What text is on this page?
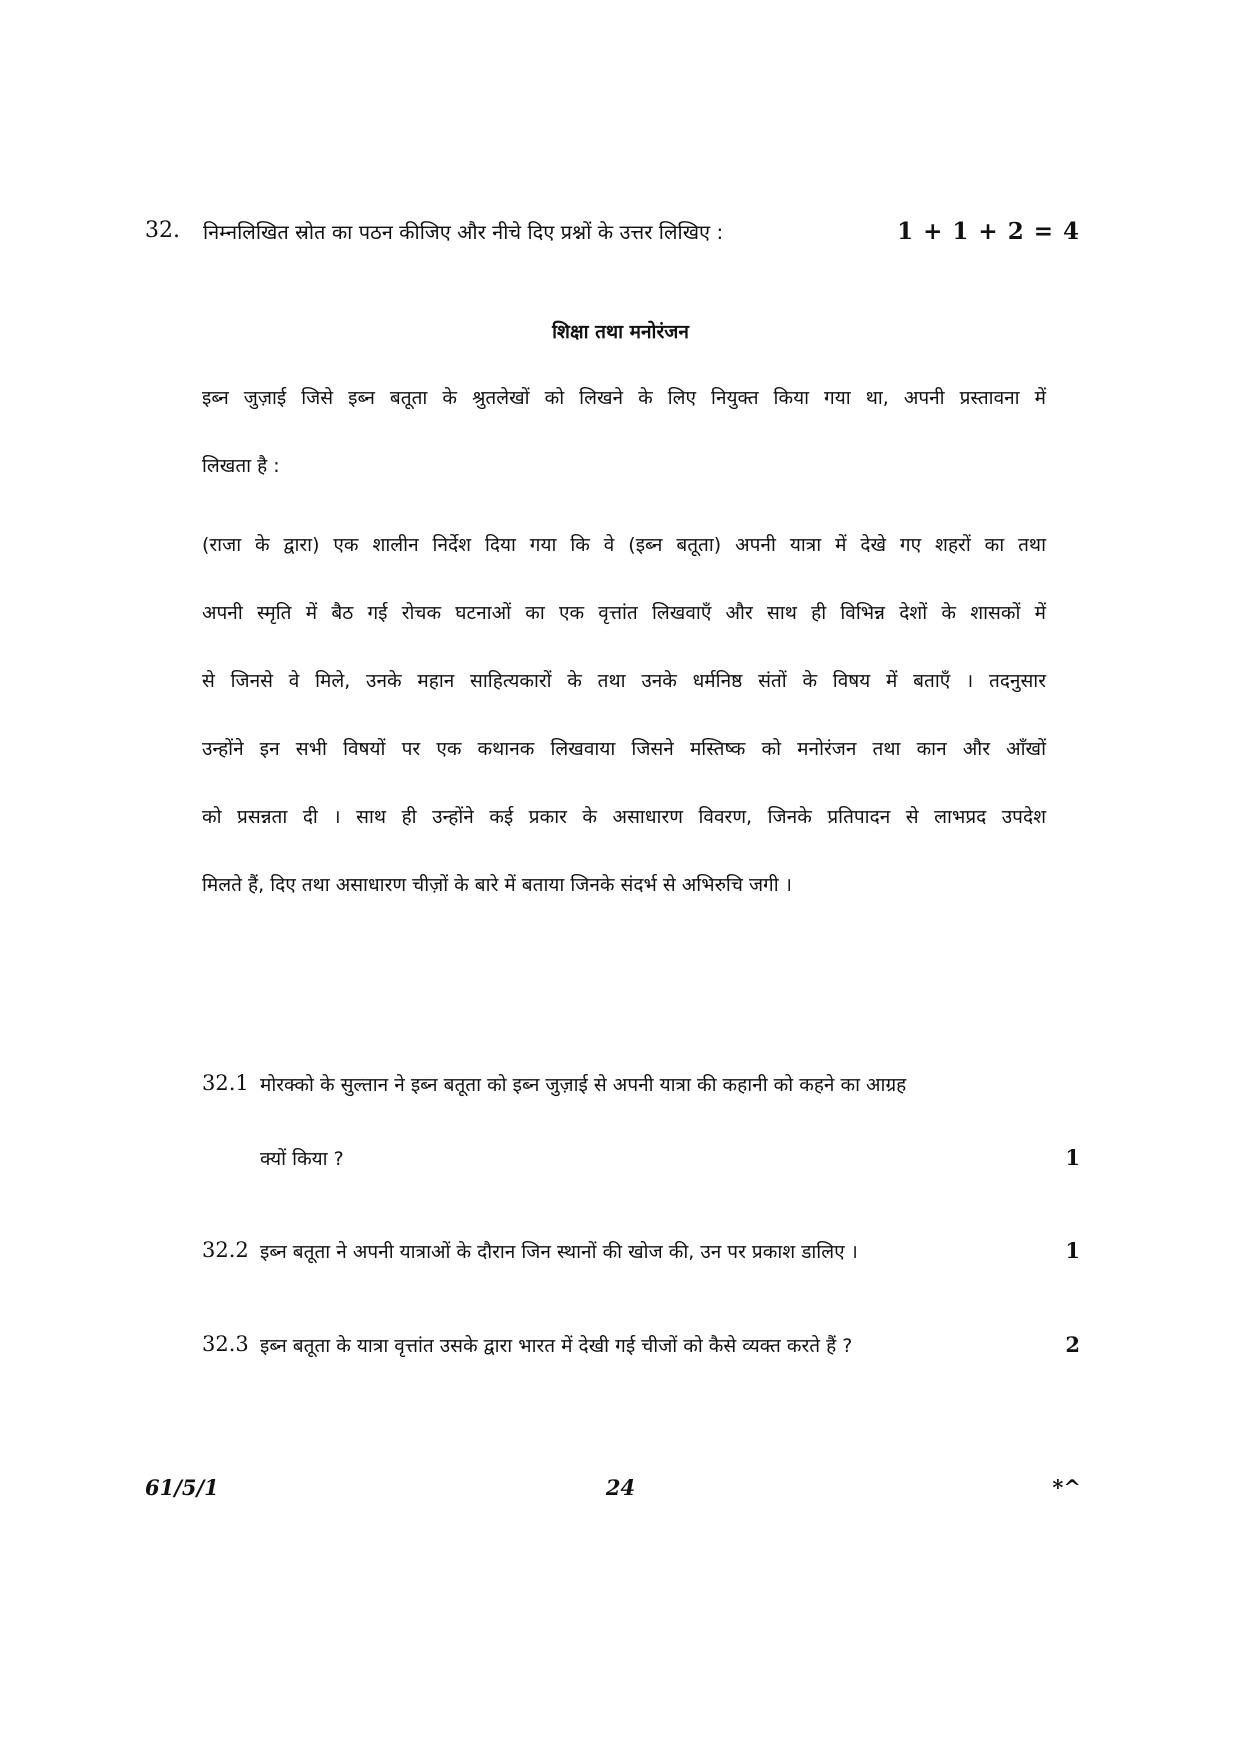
32. निम्नलिखित स्रोत का पठन कीजिए और नीचे दिए प्रश्नों के उत्तर लिखिए :	1 + 1 + 2 = 4
शिक्षा तथा मनोरंजन
इब्न जुज़ाई जिसे इब्न बतूता के श्रुतलेखों को लिखने के लिए नियुक्त किया गया था, अपनी प्रस्तावना में
लिखता है :
(राजा के द्वारा) एक शालीन निर्देश दिया गया कि वे (इब्न बतूता) अपनी यात्रा में देखे गए शहरों का तथा
अपनी स्मृति में बैठ गई रोचक घटनाओं का एक वृत्तांत लिखवाएँ और साथ ही विभिन्न देशों के शासकों में
से जिनसे वे मिले, उनके महान साहित्यकारों के तथा उनके धर्मनिष्ठ संतों के विषय में बताएँ । तदनुसार
उन्होंने इन सभी विषयों पर एक कथानक लिखवाया जिसने मस्तिष्क को मनोरंजन तथा कान और आँखों
को प्रसन्नता दी । साथ ही उन्होंने कई प्रकार के असाधारण विवरण, जिनके प्रतिपादन से लाभप्रद उपदेश
मिलते हैं, दिए तथा असाधारण चीज़ों के बारे में बताया जिनके संदर्भ से अभिरुचि जगी ।
32.1 मोरक्को के सुल्तान ने इब्न बतूता को इब्न जुज़ाई से अपनी यात्रा की कहानी को कहने का आग्रह
क्यों किया ?	1
32.2 इब्न बतूता ने अपनी यात्राओं के दौरान जिन स्थानों की खोज की, उन पर प्रकाश डालिए ।	1
32.3 इब्न बतूता के यात्रा वृत्तांत उसके द्वारा भारत में देखी गई चीजों को कैसे व्यक्त करते हैं ?	2
61/5/1	24	*^
